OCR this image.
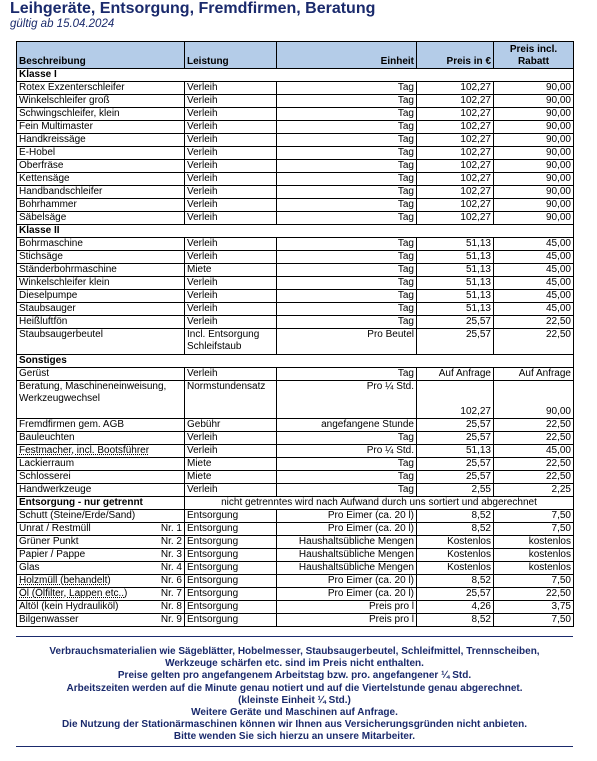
Leihgeräte, Entsorgung, Fremdfirmen, Beratung
gültig ab 15.04.2024
Beschreibung	Leistung	Einheit	Preis in €	Preis incl. Rabatt
Klasse I				
Rotex Exzenterschleifer	Verleih	Tag	102,27	90,00
Winkelschleifer groß	Verleih	Tag	102,27	90,00
Schwingschleifer, klein	Verleih	Tag	102,27	90,00
Fein Multimaster	Verleih	Tag	102,27	90,00
Handkreissäge	Verleih	Tag	102,27	90,00
E-Hobel	Verleih	Tag	102,27	90,00
Oberfräse	Verleih	Tag	102,27	90,00
Kettensäge	Verleih	Tag	102,27	90,00
Handbandschleifer	Verleih	Tag	102,27	90,00
Bohrhammer	Verleih	Tag	102,27	90,00
Säbelsäge	Verleih	Tag	102,27	90,00
Klasse II				
Bohrmaschine	Verleih	Tag	51,13	45,00
Stichsäge	Verleih	Tag	51,13	45,00
Ständerbohrmaschine	Miete	Tag	51,13	45,00
Winkelschleifer klein	Verleih	Tag	51,13	45,00
Dieselpumpe	Verleih	Tag	51,13	45,00
Staubsauger	Verleih	Tag	51,13	45,00
Heißluftfön	Verleih	Tag	25,57	22,50
Staubsaugerbeutel	Incl. Entsorgung Schleifstaub	Pro Beutel	25,57	22,50
Sonstiges				
Gerüst	Verleih	Tag	Auf Anfrage	Auf Anfrage
Beratung, Maschineneinweisung, Werkzeugwechsel	Normstundensatz	Pro ¼ Std.	102,27	90,00
Fremdfirmen gem. AGB	Gebühr	angefangene Stunde	25,57	22,50
Bauleuchten	Verleih	Tag	25,57	22,50
Festmacher, incl. Bootsführer	Verleih	Pro ¼ Std.	51,13	45,00
Lackierraum	Miete	Tag	25,57	22,50
Schlosserei	Miete	Tag	25,57	22,50
Handwerkzeuge	Verleih	Tag	2,55	2,25
Entsorgung - nur getrennt	nicht getrenntes wird nach Aufwand durch uns sortiert und abgerechnet			

Schutt (Steine/Erde/Sand)	Entsorgung	Pro Eimer (ca. 20 l)	8,52	7,50

Unrat / Restmüll Nr. 1	Entsorgung	Pro Eimer (ca. 20 l)	8,52	7,50

Grüner Punkt Nr. 2	Entsorgung	Haushaltsübliche Mengen	Kostenlos	kostenlos

Papier / Pappe Nr. 3	Entsorgung	Haushaltsübliche Mengen	Kostenlos	kostenlos

Glas Nr. 4	Entsorgung	Haushaltsübliche Mengen	Kostenlos	kostenlos

Holzmüll (behandelt) Nr. 6	Entsorgung	Pro Eimer (ca. 20 l)	8,52	7,50

Öl (Ölfilter, Lappen etc..) Nr. 7	Entsorgung	Pro Eimer (ca. 20 l)	25,57	22,50

Altöl (kein Hydrauliköl) Nr. 8	Entsorgung	Preis pro l	4,26	3,75

Bilgenwasser Nr. 9	Entsorgung	Preis pro l	8,52	7,50
Verbrauchsmaterialien wie Sägeblätter, Hobelmesser, Staubsaugerbeutel, Schleifmittel, Trennscheiben,
Werkzeuge schärfen etc. sind im Preis nicht enthalten.
Preise gelten pro angefangenem Arbeitstag bzw. pro. angefangener ¼ Std.
Arbeitszeiten werden auf die Minute genau notiert und auf die Viertelstunde genau abgerechnet.
(kleinste Einheit ¼ Std.)
Weitere Geräte und Maschinen auf Anfrage.
Die Nutzung der Stationärmaschinen können wir Ihnen aus Versicherungsgründen nicht anbieten.
Bitte wenden Sie sich hierzu an unsere Mitarbeiter.
